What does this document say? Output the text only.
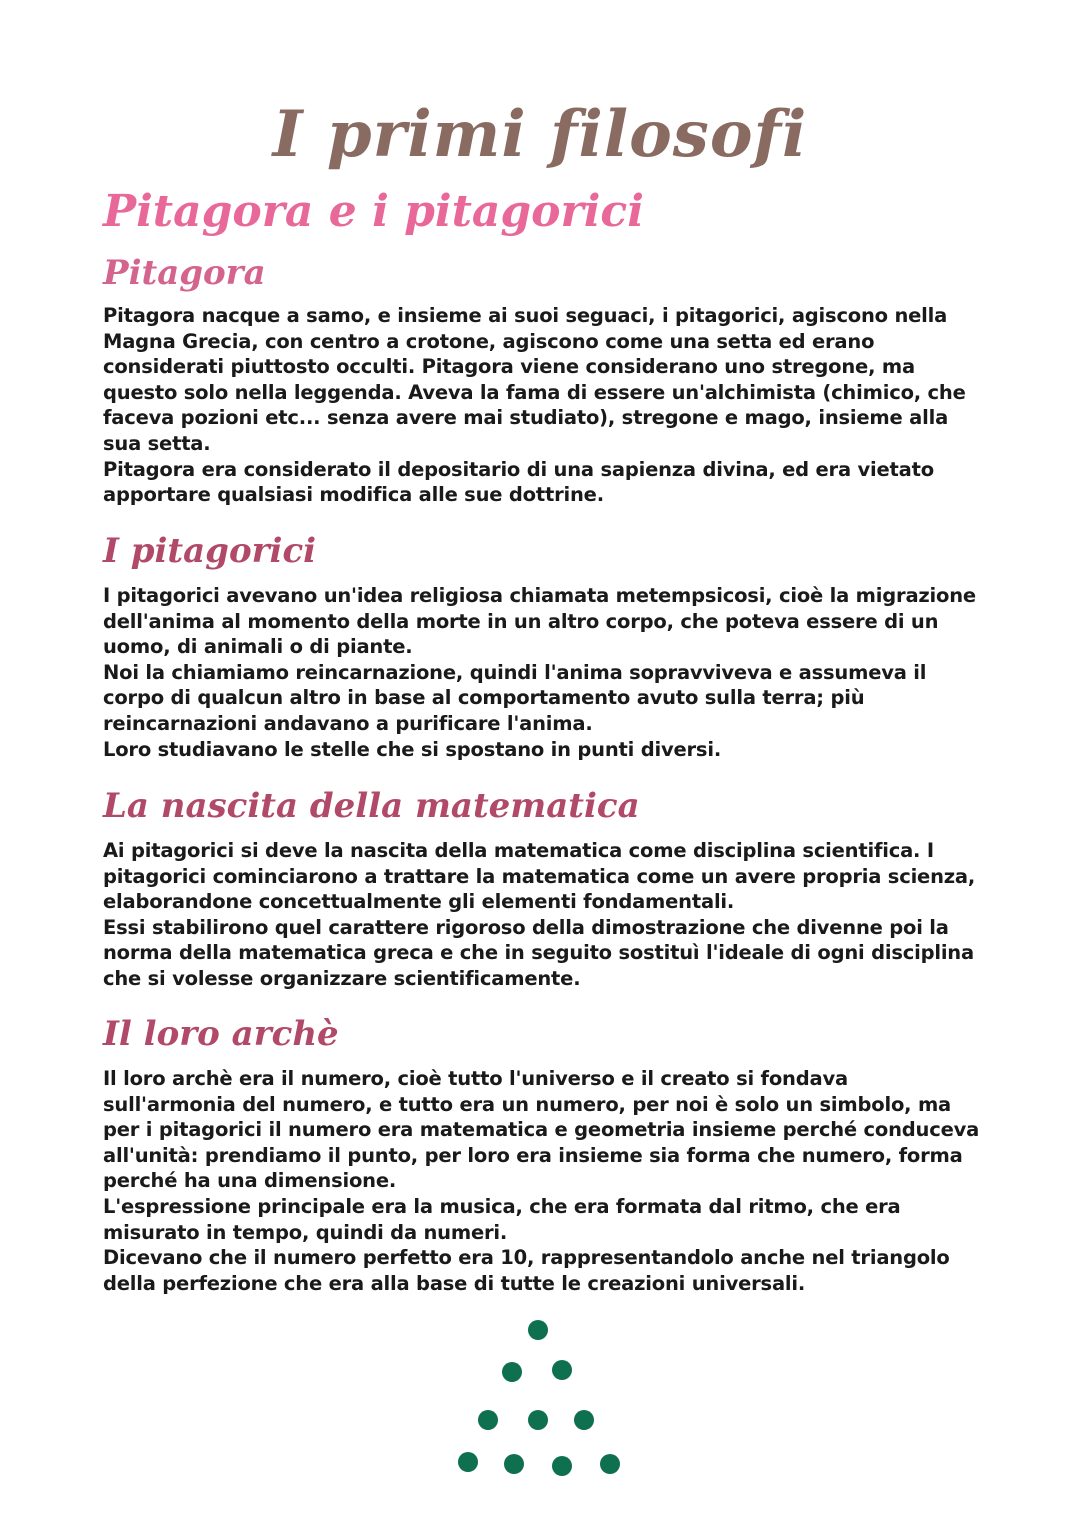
I primi filosofi
Pitagora e i pitagorici
Pitagora

Pitagora nacque a samo, e insieme ai suoi seguaci, i pitagorici, agiscono nella Magna Grecia, con centro a crotone, agiscono come una setta ed erano considerati piuttosto occulti. Pitagora viene considerano uno stregone, ma questo solo nella leggenda. Aveva la fama di essere un'alchimista (chimico, che faceva pozioni etc... senza avere mai studiato), stregone e mago, insieme alla sua setta.

Pitagora era considerato il depositario di una sapienza divina, ed era vietato apportare qualsiasi modifica alle sue dottrine.

I pitagorici

I pitagorici avevano un'idea religiosa chiamata metempsicosi, cioè la migrazione dell'anima al momento della morte in un altro corpo, che poteva essere di un uomo, di animali o di piante.

Noi la chiamiamo reincarnazione, quindi l'anima sopravviveva e assumeva il corpo di qualcun altro in base al comportamento avuto sulla terra; più reincarnazioni andavano a purificare l'anima.

Loro studiavano le stelle che si spostano in punti diversi.

La nascita della matematica

Ai pitagorici si deve la nascita della matematica come disciplina scientifica. I pitagorici cominciarono a trattare la matematica come un avere propria scienza, elaborandone concettualmente gli elementi fondamentali.

Essi stabilirono quel carattere rigoroso della dimostrazione che divenne poi la norma della matematica greca e che in seguito sostituì l'ideale di ogni disciplina che si volesse organizzare scientificamente.

Il loro archè

Il loro archè era il numero, cioè tutto l'universo e il creato si fondava sull'armonia del numero, e tutto era un numero, per noi è solo un simbolo, ma per i pitagorici il numero era matematica e geometria insieme perché conduceva all'unità: prendiamo il punto, per loro era insieme sia forma che numero, forma perché ha una dimensione.

L'espressione principale era la musica, che era formata dal ritmo, che era misurato in tempo, quindi da numeri.

Dicevano che il numero perfetto era 10, rappresentandolo anche nel triangolo della perfezione che era alla base di tutte le creazioni universali.
